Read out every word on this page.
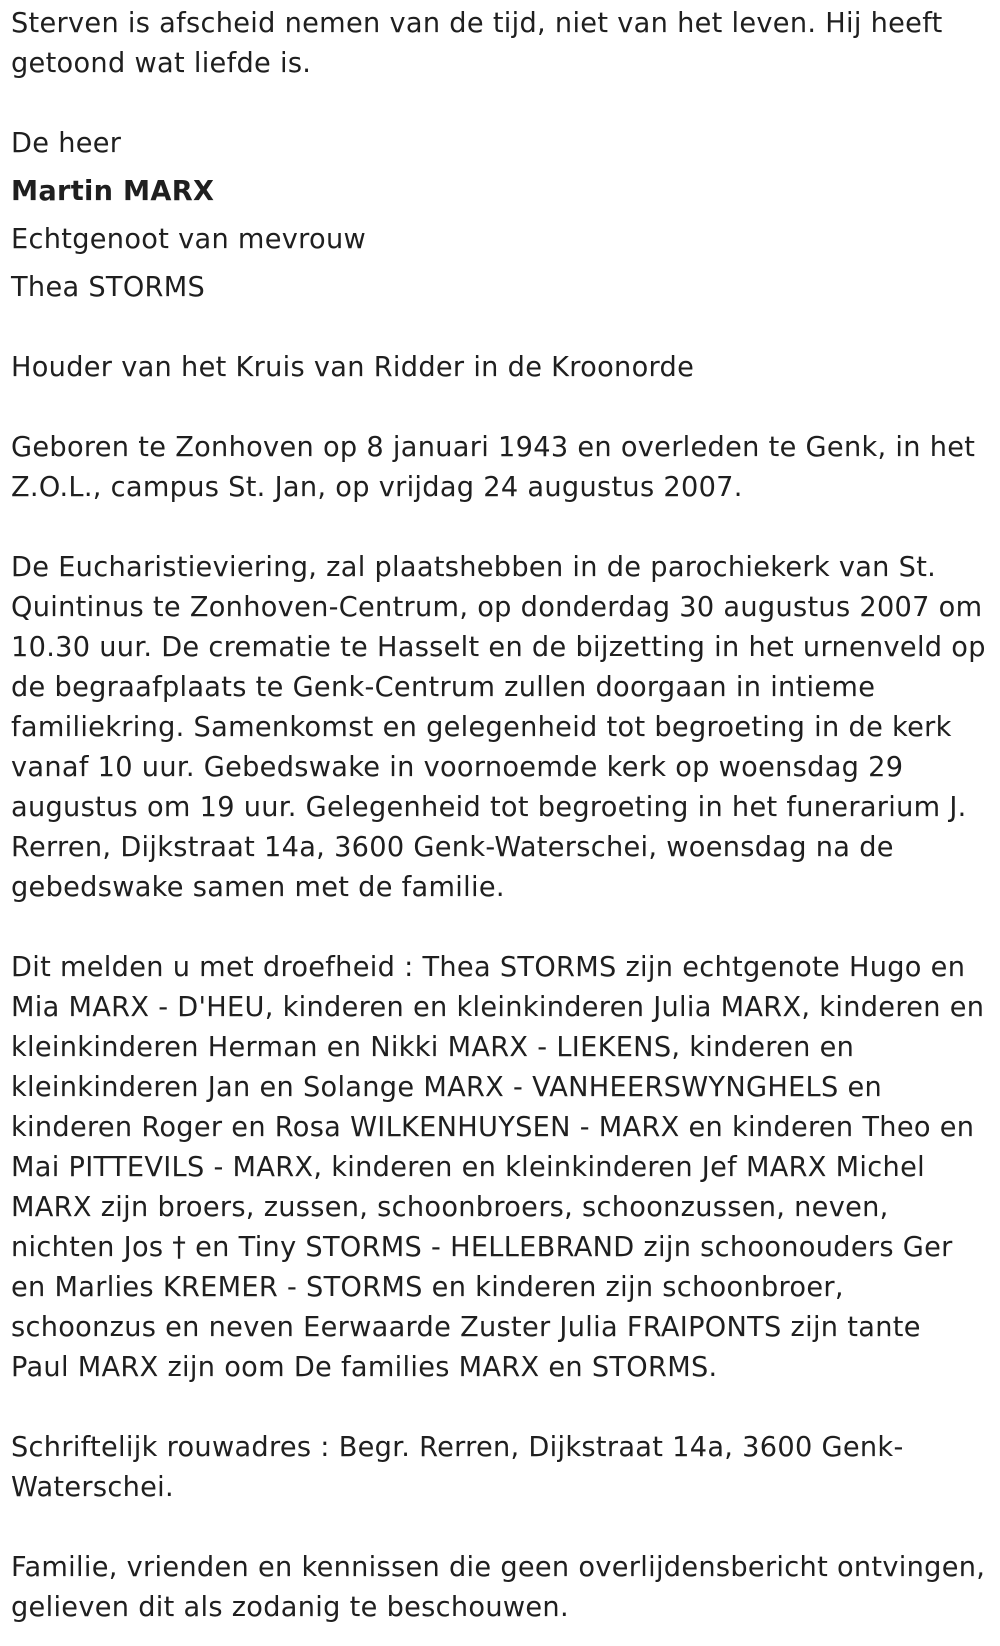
Sterven is afscheid nemen van de tijd, niet van het leven. Hij heeft getoond wat liefde is.

De heer

Martin MARX

Echtgenoot van mevrouw

Thea STORMS

Houder van het Kruis van Ridder in de Kroonorde

Geboren te Zonhoven op 8 januari 1943 en overleden te Genk, in het Z.O.L., campus St. Jan, op vrijdag 24 augustus 2007.

De Eucharistieviering, zal plaatshebben in de parochiekerk van St. Quintinus te Zonhoven-Centrum, op donderdag 30 augustus 2007 om 10.30 uur. De crematie te Hasselt en de bijzetting in het urnenveld op de begraafplaats te Genk-Centrum zullen doorgaan in intieme familiekring. Samenkomst en gelegenheid tot begroeting in de kerk vanaf 10 uur. Gebedswake in voornoemde kerk op woensdag 29 augustus om 19 uur. Gelegenheid tot begroeting in het funerarium J. Rerren, Dijkstraat 14a, 3600 Genk-Waterschei, woensdag na de gebedswake samen met de familie.

Dit melden u met droefheid : Thea STORMS zijn echtgenote Hugo en Mia MARX - D'HEU, kinderen en kleinkinderen Julia MARX, kinderen en kleinkinderen Herman en Nikki MARX - LIEKENS, kinderen en kleinkinderen Jan en Solange MARX - VANHEERSWYNGHELS en kinderen Roger en Rosa WILKENHUYSEN - MARX en kinderen Theo en Mai PITTEVILS - MARX, kinderen en kleinkinderen Jef MARX Michel MARX zijn broers, zussen, schoonbroers, schoonzussen, neven, nichten Jos † en Tiny STORMS - HELLEBRAND zijn schoonouders Ger en Marlies KREMER - STORMS en kinderen zijn schoonbroer, schoonzus en neven Eerwaarde Zuster Julia FRAIPONTS zijn tante Paul MARX zijn oom De families MARX en STORMS.

Schriftelijk rouwadres : Begr. Rerren, Dijkstraat 14a, 3600 Genk-Waterschei.

Familie, vrienden en kennissen die geen overlijdensbericht ontvingen, gelieven dit als zodanig te beschouwen.
